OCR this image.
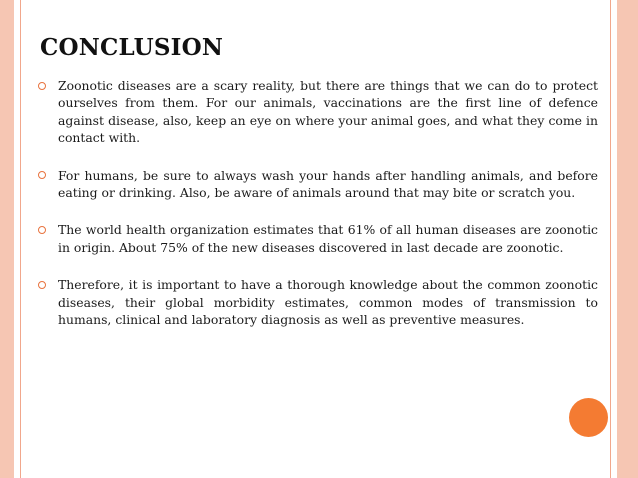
CONCLUSION
Zoonotic diseases are a scary reality, but there are things that we can do to protect ourselves from them. For our animals, vaccinations are the first line of defence against disease, also, keep an eye on where your animal goes, and what they come in contact with.
For humans, be sure to always wash your hands after handling animals, and before eating or drinking. Also, be aware of animals around that may bite or scratch you.
The world health organization estimates that 61% of all human diseases are zoonotic in origin. About 75% of the new diseases discovered in last decade are zoonotic.
Therefore, it is important to have a thorough knowledge about the common zoonotic diseases, their global morbidity estimates, common modes of transmission to humans, clinical and laboratory diagnosis as well as preventive measures.
